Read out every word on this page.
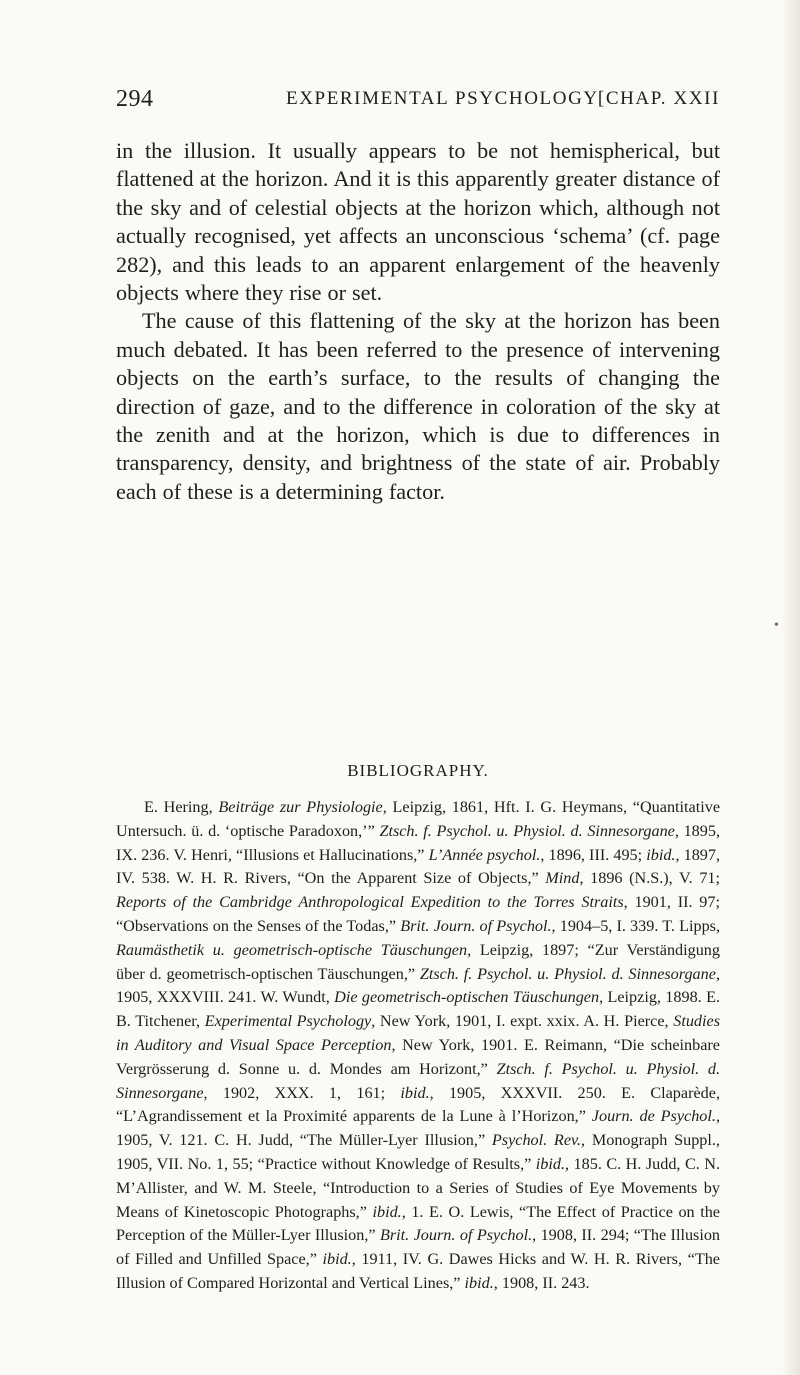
294	EXPERIMENTAL PSYCHOLOGY [CHAP. XXII

in the illusion. It usually appears to be not hemispherical, but flattened at the horizon. And it is this apparently greater distance of the sky and of celestial objects at the horizon which, although not actually recognised, yet affects an unconscious ‘schema’ (cf. page 282), and this leads to an apparent enlargement of the heavenly objects where they rise or set.

The cause of this flattening of the sky at the horizon has been much debated. It has been referred to the presence of intervening objects on the earth’s surface, to the results of changing the direction of gaze, and to the difference in coloration of the sky at the zenith and at the horizon, which is due to differences in transparency, density, and brightness of the state of air. Probably each of these is a determining factor.

•
BIBLIOGRAPHY.

E. Hering, Beiträge zur Physiologie, Leipzig, 1861, Hft. I. G. Heymans, “Quantitative Untersuch. ü. d. ‘optische Paradoxon,’” Ztsch. f. Psychol. u. Physiol. d. Sinnesorgane, 1895, IX. 236. V. Henri, “Illusions et Hallucinations,” L’Année psychol., 1896, III. 495; ibid., 1897, IV. 538. W. H. R. Rivers, “On the Apparent Size of Objects,” Mind, 1896 (N.S.), V. 71; Reports of the Cambridge Anthropological Expedition to the Torres Straits, 1901, II. 97; “Observations on the Senses of the Todas,” Brit. Journ. of Psychol., 1904–5, I. 339. T. Lipps, Raumästhetik u. geometrisch-optische Täuschungen, Leipzig, 1897; “Zur Verständigung über d. geometrisch-optischen Täuschungen,” Ztsch. f. Psychol. u. Physiol. d. Sinnesorgane, 1905, XXXVIII. 241. W. Wundt, Die geometrisch-optischen Täuschungen, Leipzig, 1898. E. B. Titchener, Experimental Psychology, New York, 1901, I. expt. xxix. A. H. Pierce, Studies in Auditory and Visual Space Perception, New York, 1901. E. Reimann, “Die scheinbare Vergrösserung d. Sonne u. d. Mondes am Horizont,” Ztsch. f. Psychol. u. Physiol. d. Sinnesorgane, 1902, XXX. 1, 161; ibid., 1905, XXXVII. 250. E. Claparède, “L’Agrandissement et la Proximité apparents de la Lune à l’Horizon,” Journ. de Psychol., 1905, V. 121. C. H. Judd, “The Müller-Lyer Illusion,” Psychol. Rev., Monograph Suppl., 1905, VII. No. 1, 55; “Practice without Knowledge of Results,” ibid., 185. C. H. Judd, C. N. M’Allister, and W. M. Steele, “Introduction to a Series of Studies of Eye Movements by Means of Kinetoscopic Photographs,” ibid., 1. E. O. Lewis, “The Effect of Practice on the Perception of the Müller-Lyer Illusion,” Brit. Journ. of Psychol., 1908, II. 294; “The Illusion of Filled and Unfilled Space,” ibid., 1911, IV. G. Dawes Hicks and W. H. R. Rivers, “The Illusion of Compared Horizontal and Vertical Lines,” ibid., 1908, II. 243.
